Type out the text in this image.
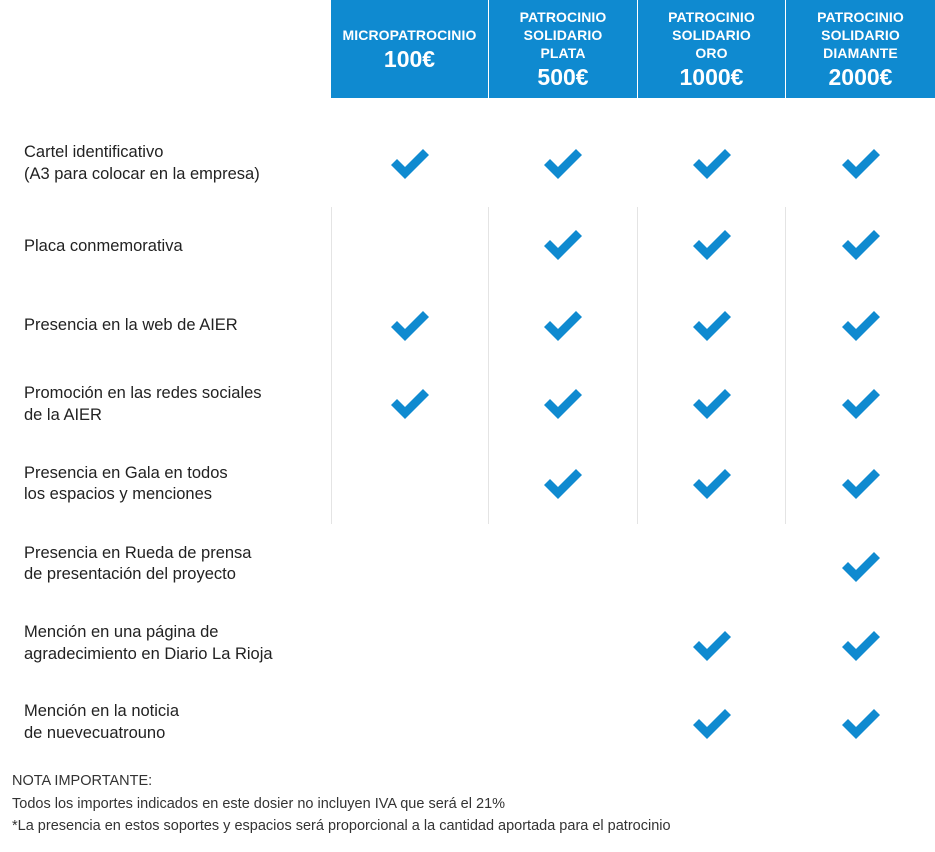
MICROPATROCINIO
100€
PATROCINIO
SOLIDARIO
PLATA
500€
PATROCINIO
SOLIDARIO
ORO
1000€
PATROCINIO
SOLIDARIO
DIAMANTE
2000€
Cartel identificativo
(A3 para colocar en la empresa)
Placa conmemorativa
Presencia en la web de AIER
Promoción en las redes sociales
de la AIER
Presencia en Gala en todos
los espacios y menciones
Presencia en Rueda de prensa
de presentación del proyecto
Mención en una página de
agradecimiento en Diario La Rioja
Mención en la noticia
de nuevecuatrouno
NOTA IMPORTANTE:
Todos los importes indicados en este dosier no incluyen IVA que será el 21%
*La presencia en estos soportes y espacios será proporcional a la cantidad aportada para el patrocinio
